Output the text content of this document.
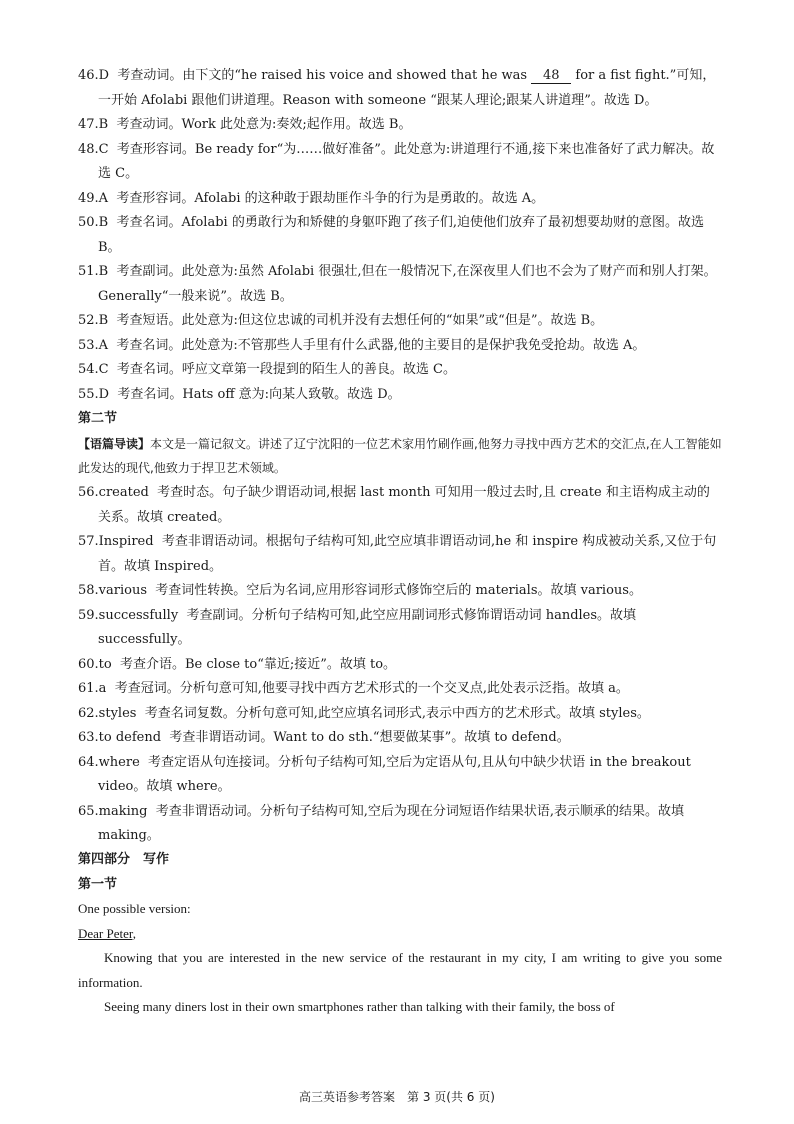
46.D 考查动词。由下文的“he raised his voice and showed that he was 48 for a fist fight.”可知，一开始 Afolabi 跟他们讲道理。Reason with someone “跟某人理论;跟某人讲道理”。故选 D。
47.B 考查动词。Work 此处意为:奏效;起作用。故选 B。
48.C 考查形容词。Be ready for“为……做好准备”。此处意为:讲道理行不通,接下来也准备好了武力解决。故选 C。
49.A 考查形容词。Afolabi 的这种敢于跟劫匪作斗争的行为是勇敢的。故选 A。
50.B 考查名词。Afolabi 的勇敢行为和矫健的身躯吓跑了孩子们,迫使他们放弃了最初想要劫财的意图。故选 B。
51.B 考查副词。此处意为:虽然 Afolabi 很强壮,但在一般情况下,在深夜里人们也不会为了财产而和别人打架。Generally“一般来说”。故选 B。
52.B 考查短语。此处意为:但这位忠诚的司机并没有去想任何的“如果”或“但是”。故选 B。
53.A 考查名词。此处意为:不管那些人手里有什么武器,他的主要目的是保护我免受抢劫。故选 A。
54.C 考查名词。呼应文章第一段提到的陌生人的善良。故选 C。
55.D 考查名词。Hats off 意为:向某人致敬。故选 D。
第二节
【语篇导读】本文是一篇记叙文。讲述了辽宁沈阳的一位艺术家用竹刷作画,他努力寻找中西方艺术的交汇点,在人工智能如此发达的现代,他致力于捍卫艺术领域。
56.created 考查时态。句子缺少谓语动词,根据 last month 可知用一般过去时,且 create 和主语构成主动的关系。故填 created。
57.Inspired 考查非谓语动词。根据句子结构可知,此空应填非谓语动词,he 和 inspire 构成被动关系,又位于句首。故填 Inspired。
58.various 考查词性转换。空后为名词,应用形容词形式修饰空后的 materials。故填 various。
59.successfully 考查副词。分析句子结构可知,此空应用副词形式修饰谓语动词 handles。故填 successfully。
60.to 考查介语。Be close to“靠近;接近”。故填 to。
61.a 考查冠词。分析句意可知,他要寻找中西方艺术形式的一个交叉点,此处表示泛指。故填 a。
62.styles 考查名词复数。分析句意可知,此空应填名词形式,表示中西方的艺术形式。故填 styles。
63.to defend 考查非谓语动词。Want to do sth.“想要做某事”。故填 to defend。
64.where 考查定语从句连接词。分析句子结构可知,空后为定语从句,且从句中缺少状语 in the breakout video。故填 where。
65.making 考查非谓语动词。分析句子结构可知,空后为现在分词短语作结果状语,表示顺承的结果。故填 making。
第四部分　写作
第一节
One possible version:
Dear Peter,

Knowing that you are interested in the new service of the restaurant in my city, I am writing to give you some information.

Seeing many diners lost in their own smartphones rather than talking with their family, the boss of

高三英语参考答案　第 3 页(共 6 页)
